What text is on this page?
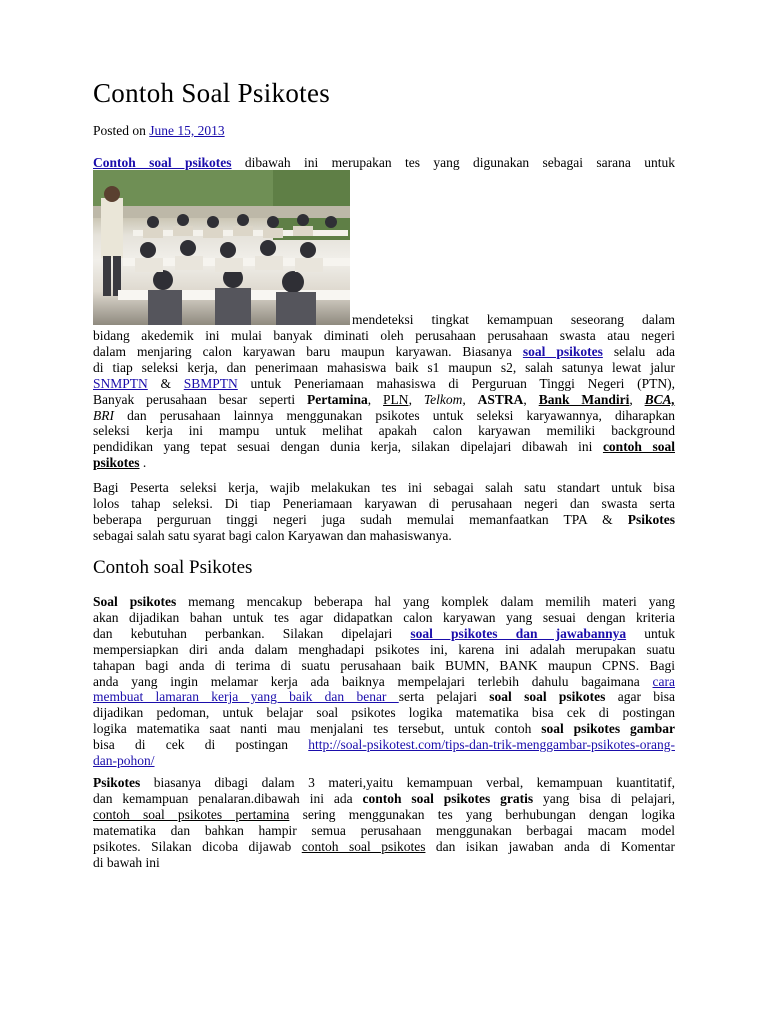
Contoh Soal Psikotes
Posted on June 15, 2013
Contoh soal psikotes dibawah ini merupakan tes yang digunakan sebagai sarana untuk
mendeteksi tingkat kemampuan seseorang dalam
bidang akedemik ini mulai banyak diminati oleh perusahaan perusahaan swasta atau negeri
dalam menjaring calon karyawan baru maupun karyawan. Biasanya soal psikotes selalu ada
di tiap seleksi kerja, dan penerimaan mahasiswa baik s1 maupun s2, salah satunya lewat jalur
SNMPTN & SBMPTN untuk Peneriamaan mahasiswa di Perguruan Tinggi Negeri (PTN),
Banyak perusahaan besar seperti Pertamina, PLN, Telkom, ASTRA, Bank Mandiri, BCA,
BRI dan perusahaan lainnya menggunakan psikotes untuk seleksi karyawannya, diharapkan
seleksi kerja ini mampu untuk melihat apakah calon karyawan memiliki background
pendidikan yang tepat sesuai dengan dunia kerja, silakan dipelajari dibawah ini contoh soal
psikotes .
Bagi Peserta seleksi kerja, wajib melakukan tes ini sebagai salah satu standart untuk bisa
lolos tahap seleksi. Di tiap Peneriamaan karyawan di perusahaan negeri dan swasta serta
beberapa perguruan tinggi negeri juga sudah memulai memanfaatkan TPA & Psikotes
sebagai salah satu syarat bagi calon Karyawan dan mahasiswanya.
Contoh soal Psikotes
Soal psikotes memang mencakup beberapa hal yang komplek dalam memilih materi yang
akan dijadikan bahan untuk tes agar didapatkan calon karyawan yang sesuai dengan kriteria
dan kebutuhan perbankan. Silakan dipelajari soal psikotes dan jawabannya untuk
mempersiapkan diri anda dalam menghadapi psikotes ini, karena ini adalah merupakan suatu
tahapan bagi anda di terima di suatu perusahaan baik BUMN, BANK maupun CPNS. Bagi
anda yang ingin melamar kerja ada baiknya mempelajari terlebih dahulu bagaimana cara
membuat lamaran kerja yang baik dan benar serta pelajari soal soal psikotes agar bisa
dijadikan pedoman, untuk belajar soal psikotes logika matematika bisa cek di postingan
logika matematika saat nanti mau menjalani tes tersebut, untuk contoh soal psikotes gambar
bisa di cek di postingan http://soal-psikotest.com/tips-dan-trik-menggambar-psikotes-orang-
dan-pohon/
Psikotes biasanya dibagi dalam 3 materi,yaitu kemampuan verbal, kemampuan kuantitatif,
dan kemampuan penalaran.dibawah ini ada contoh soal psikotes gratis yang bisa di pelajari,
contoh soal psikotes pertamina sering menggunakan tes yang berhubungan dengan logika
matematika dan bahkan hampir semua perusahaan menggunakan berbagai macam model
psikotes. Silakan dicoba dijawab contoh soal psikotes dan isikan jawaban anda di Komentar
di bawah ini
